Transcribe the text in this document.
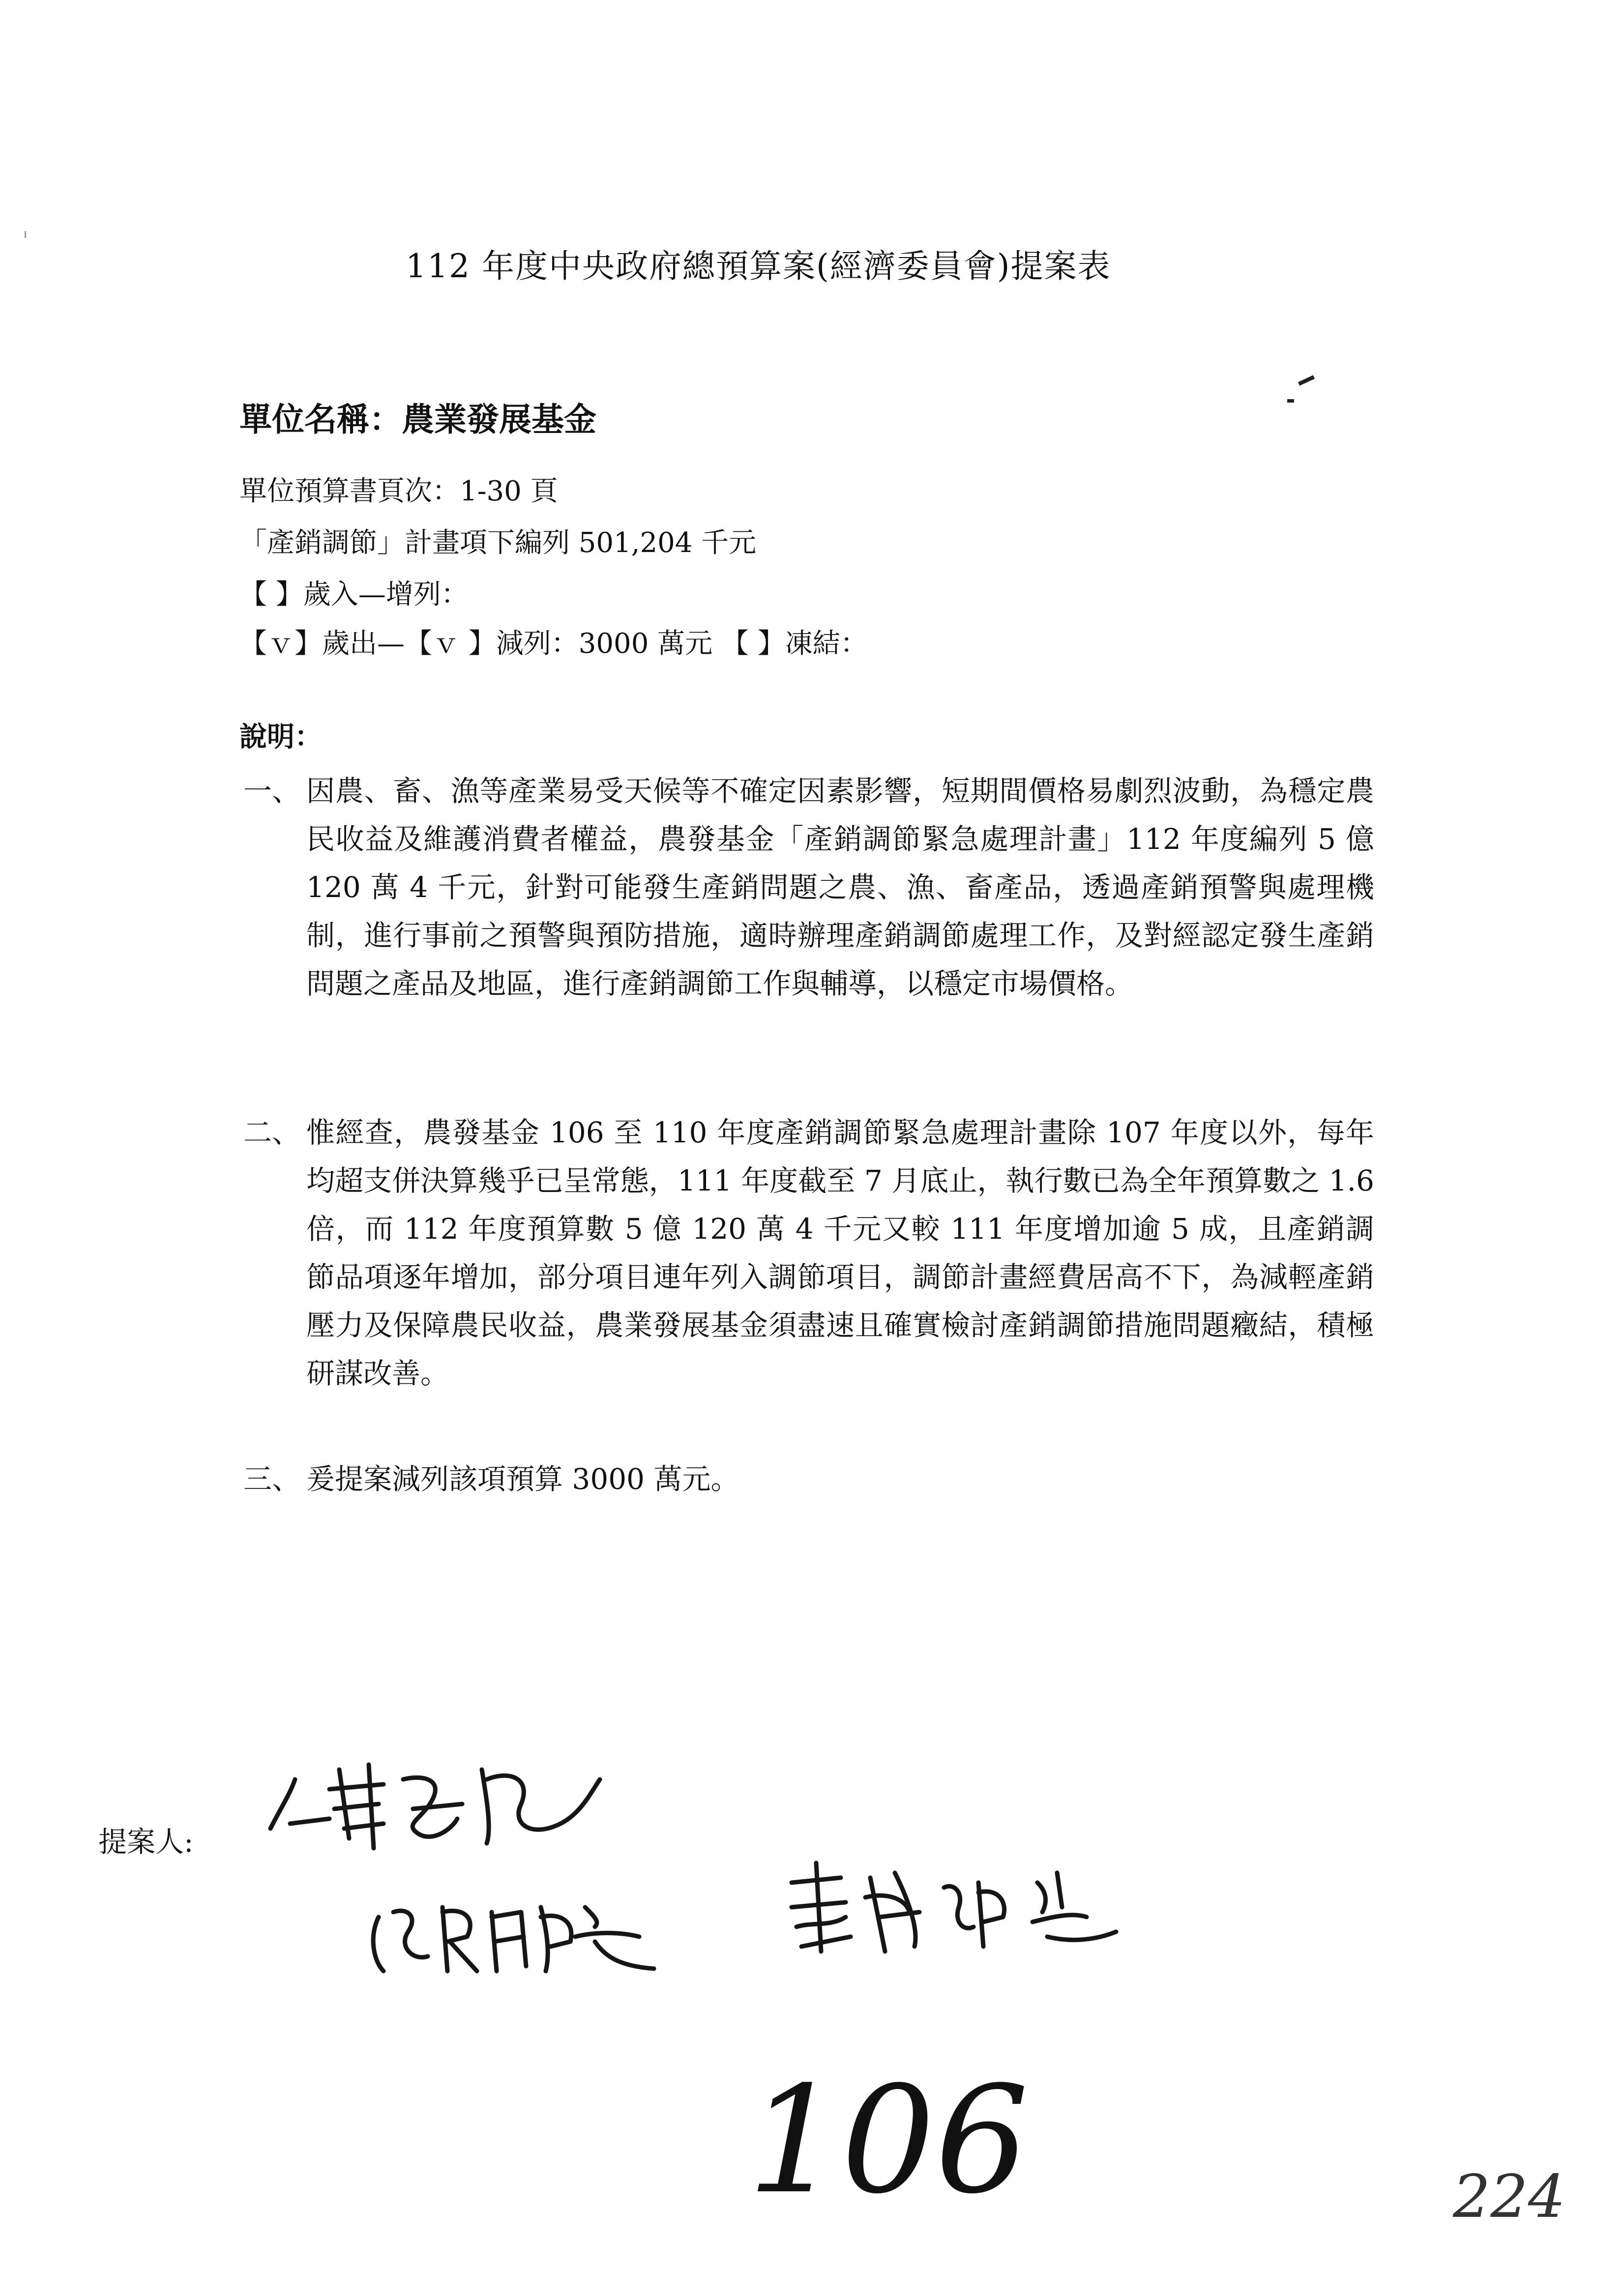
112 年度中央政府總預算案(經濟委員會)提案表
單位名稱：農業發展基金
單位預算書頁次：1-30 頁
「產銷調節」計畫項下編列 501,204 千元
【 】歲入—增列：
【ｖ】歲出—【ｖ 】減列：3000 萬元 【 】凍結：
說明：
一、 因農、畜、漁等產業易受天候等不確定因素影響，短期間價格易劇烈波動，為穩定農民收益及維護消費者權益，農發基金「產銷調節緊急處理計畫」112 年度編列 5 億 120 萬 4 千元，針對可能發生產銷問題之農、漁、畜產品，透過產銷預警與處理機制，進行事前之預警與預防措施，適時辦理產銷調節處理工作，及對經認定發生產銷問題之產品及地區，進行產銷調節工作與輔導，以穩定市場價格。
二、 惟經查，農發基金 106 至 110 年度產銷調節緊急處理計畫除 107 年度以外，每年均超支併決算幾乎已呈常態，111 年度截至 7 月底止，執行數已為全年預算數之 1.6 倍，而 112 年度預算數 5 億 120 萬 4 千元又較 111 年度增加逾 5 成，且產銷調節品項逐年增加，部分項目連年列入調節項目，調節計畫經費居高不下，為減輕產銷壓力及保障農民收益，農業發展基金須盡速且確實檢討產銷調節措施問題癥結，積極研謀改善。
三、 爰提案減列該項預算 3000 萬元。
提案人:
106	224
